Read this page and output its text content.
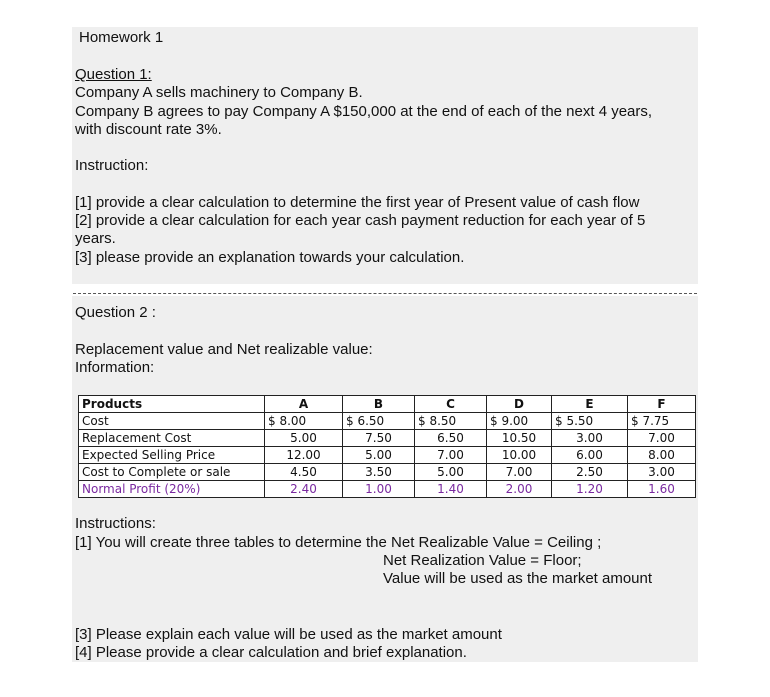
Homework 1
Question 1:
Company A sells machinery to Company B.
Company B agrees to pay Company A $150,000 at the end of each of the next 4 years,
with discount rate 3%.
Instruction:
[1] provide a clear calculation to determine the first year of Present value of cash flow
[2] provide a clear calculation for each year cash payment reduction for each year of 5
years.
[3] please provide an explanation towards your calculation.
Question 2 :
Replacement value and Net realizable value:
Information:
Products	A	B	C	D	E	F
Cost	$ 8.00	$ 6.50	$ 8.50	$ 9.00	$ 5.50	$ 7.75
Replacement Cost	5.00	7.50	6.50	10.50	3.00	7.00
Expected Selling Price	12.00	5.00	7.00	10.00	6.00	8.00
Cost to Complete or sale	4.50	3.50	5.00	7.00	2.50	3.00
Normal Profit (20%)	2.40	1.00	1.40	2.00	1.20	1.60
Instructions:
[1] You will create three tables to determine the Net Realizable Value = Ceiling ;
Net Realization Value = Floor;
Value will be used as the market amount
[3] Please explain each value will be used as the market amount
[4] Please provide a clear calculation and brief explanation.
